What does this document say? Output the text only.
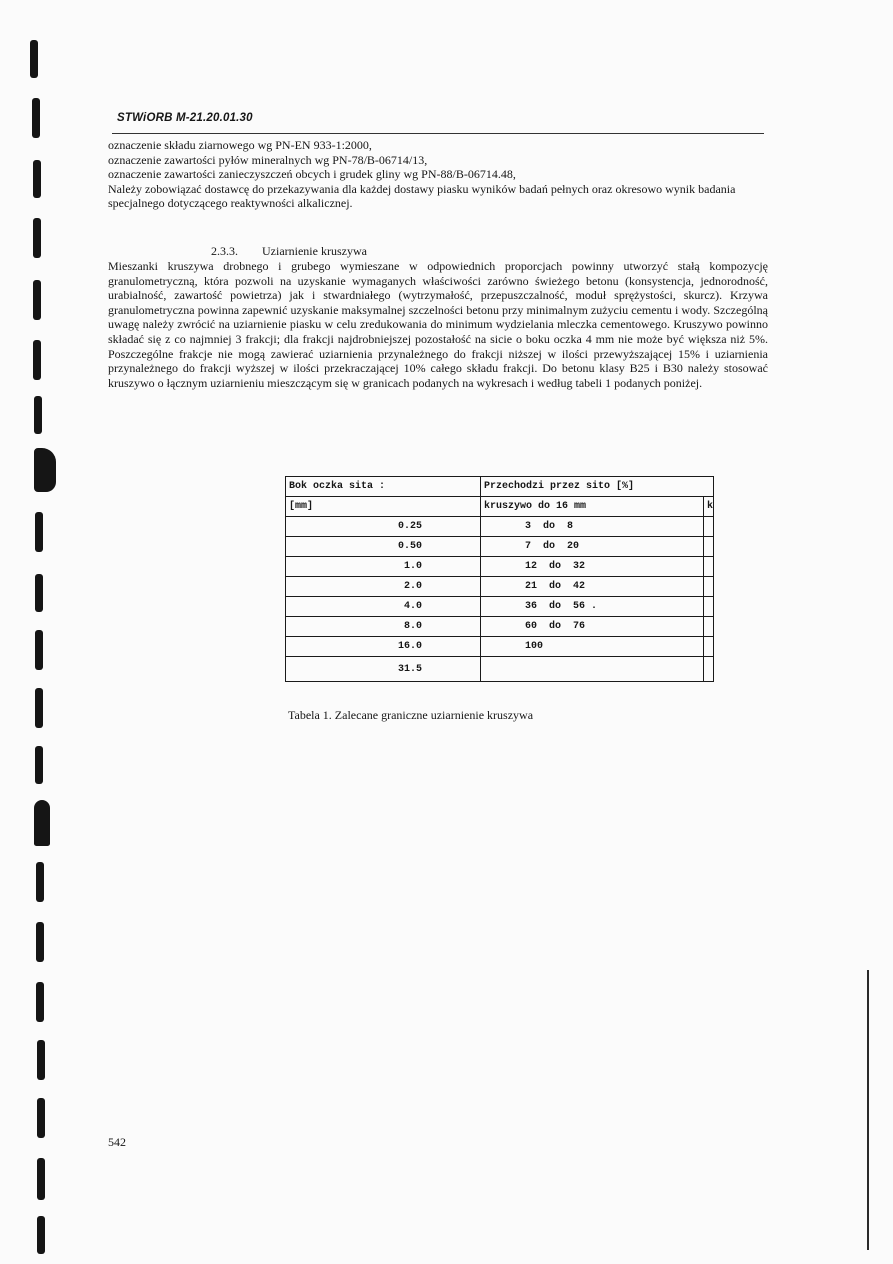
STWiORB M-21.20.01.30

oznaczenie składu ziarnowego wg PN-EN 933-1:2000,

oznaczenie zawartości pyłów mineralnych wg PN-78/B-06714/13,

oznaczenie zawartości zanieczyszczeń obcych i grudek gliny wg PN-88/B-06714.48,

Należy zobowiązać dostawcę do przekazywania dla każdej dostawy piasku wyników badań pełnych oraz okresowo wynik badania specjalnego dotyczącego reaktywności alkalicznej.

2.3.3. Uziarnienie kruszywa

Mieszanki kruszywa drobnego i grubego wymieszane w odpowiednich proporcjach powinny utworzyć stałą kompozycję granulometryczną, która pozwoli na uzyskanie wymaganych właściwości zarówno świeżego betonu (konsystencja, jednorodność, urabialność, zawartość powietrza) jak i stwardniałego (wytrzymałość, przepuszczalność, moduł sprężystości, skurcz). Krzywa granulometryczna powinna zapewnić uzyskanie maksymalnej szczelności betonu przy minimalnym zużyciu cementu i wody. Szczególną uwagę należy zwrócić na uziarnienie piasku w celu zredukowania do minimum wydzielania mleczka cementowego. Kruszywo powinno składać się z co najmniej 3 frakcji; dla frakcji najdrobniejszej pozostałość na sicie o boku oczka 4 mm nie może być większa niż 5%. Poszczególne frakcje nie mogą zawierać uziarnienia przynależnego do frakcji niższej w ilości przewyższającej 15% i uziarnienia przynależnego do frakcji wyższej w ilości przekraczającej 10% całego składu frakcji. Do betonu klasy B25 i B30 należy stosować kruszywo o łącznym uziarnieniu mieszczącym się w granicach podanych na wykresach i według tabeli 1 podanych poniżej.

Bok oczka sita :	Przechodzi przez sito [%]	
[mm]	kruszywo do 16 mm	k
0.25	3  do  8	
0.50	7  do  20	
1.0	12  do  32	
2.0	21  do  42	
4.0	36  do  56 .	
8.0	60  do  76	
16.0	100	
31.5		
Tabela 1. Zalecane graniczne uziarnienie kruszywa
542
